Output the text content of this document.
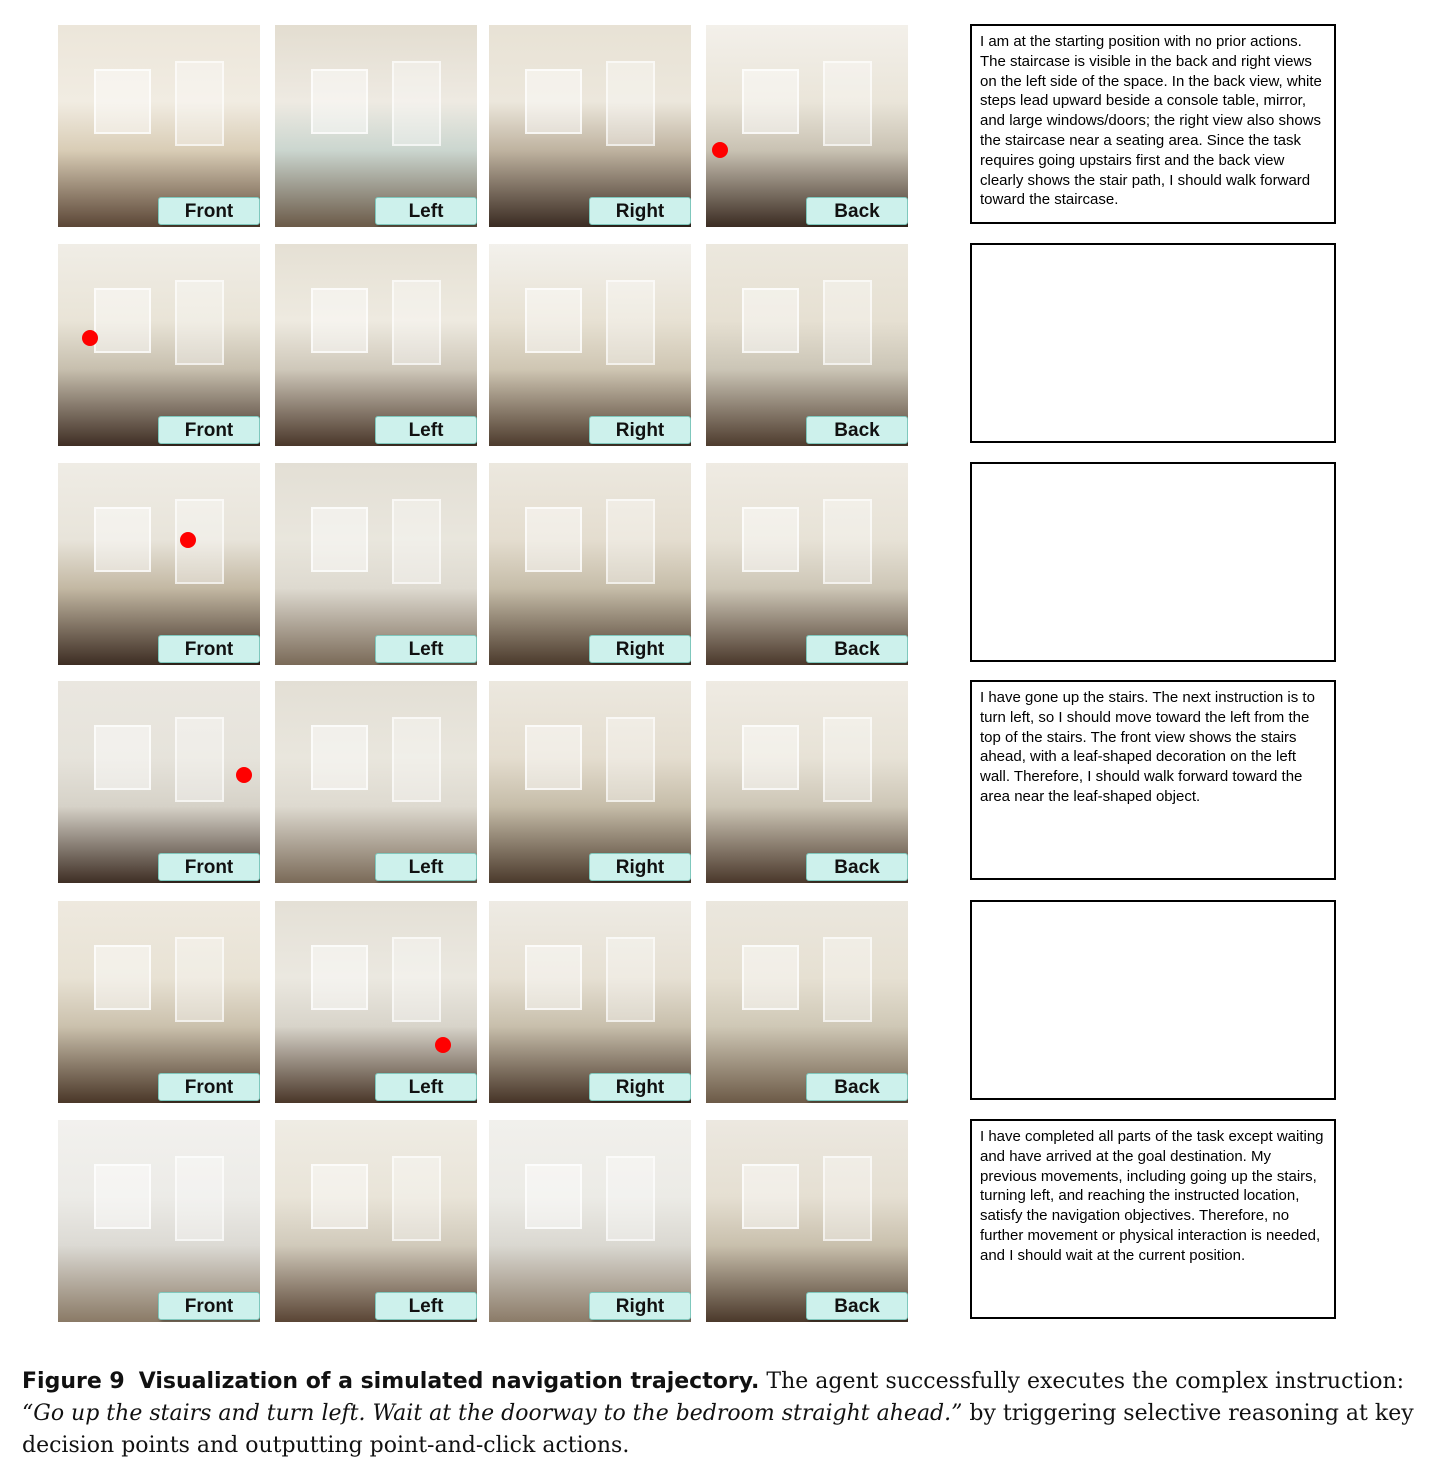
Front	Left	Right	Back
I am at the starting position with no prior actions. The staircase is visible in the back and right views on the left side of the space. In the back view, white steps lead upward beside a console table, mirror, and large windows/doors; the right view also shows the staircase near a seating area. Since the task requires going upstairs first and the back view clearly shows the stair path, I should walk forward toward the staircase.
Front	Left	Right	Back
Front	Left	Right	Back
Front	Left	Right	Back
I have gone up the stairs. The next instruction is to turn left, so I should move toward the left from the top of the stairs. The front view shows the stairs ahead, with a leaf-shaped decoration on the left wall. Therefore, I should walk forward toward the area near the leaf-shaped object.
Front	Left	Right	Back
Front	Left	Right	Back
I have completed all parts of the task except waiting and have arrived at the goal destination. My previous movements, including going up the stairs, turning left, and reaching the instructed location, satisfy the navigation objectives. Therefore, no further movement or physical interaction is needed, and I should wait at the current position.
Figure 9 Visualization of a simulated navigation trajectory. The agent successfully executes the complex instruction: “Go up the stairs and turn left. Wait at the doorway to the bedroom straight ahead.” by triggering selective reasoning at key decision points and outputting point-and-click actions.
